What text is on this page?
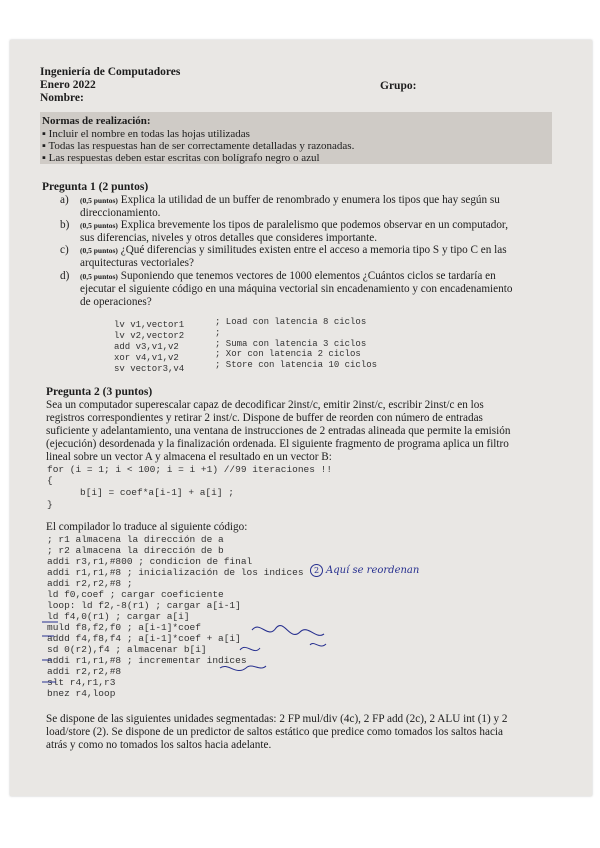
Ingeniería de Computadores
Enero 2022
Nombre:
Grupo:
Normas de realización:
▪ Incluir el nombre en todas las hojas utilizadas
▪ Todas las respuestas han de ser correctamente detalladas y razonadas.
▪ Las respuestas deben estar escritas con bolígrafo negro o azul
Pregunta 1 (2 puntos)
a) (0,5 puntos) Explica la utilidad de un buffer de renombrado y enumera los tipos que hay según su
direccionamiento.
b) (0,5 puntos) Explica brevemente los tipos de paralelismo que podemos observar en un computador,
sus diferencias, niveles y otros detalles que consideres importante.
c) (0,5 puntos) ¿Qué diferencias y similitudes existen entre el acceso a memoria tipo S y tipo C en las
arquitecturas vectoriales?
d) (0,5 puntos) Suponiendo que tenemos vectores de 1000 elementos ¿Cuántos ciclos se tardaría en
ejecutar el siguiente código en una máquina vectorial sin encadenamiento y con encadenamiento
de operaciones?
lv v1,vector1	; Load con latencia 8 ciclos
lv v2,vector2	;
add v3,v1,v2	; Suma con latencia 3 ciclos
xor v4,v1,v2	; Xor con latencia 2 ciclos
sv vector3,v4	; Store con latencia 10 ciclos
Pregunta 2 (3 puntos)
Sea un computador superescalar capaz de decodificar 2inst/c, emitir 2inst/c, escribir 2inst/c en los
registros correspondientes y retirar 2 inst/c. Dispone de buffer de reorden con número de entradas
suficiente y adelantamiento, una ventana de instrucciones de 2 entradas alineada que permite la emisión
(ejecución) desordenada y la finalización ordenada. El siguiente fragmento de programa aplica un filtro
lineal sobre un vector A y almacena el resultado en un vector B:
for (i = 1; i < 100; i = i +1) //99 iteraciones !!
{
b[i] = coef*a[i-1] + a[i] ;
}
El compilador lo traduce al siguiente código:
; r1 almacena la dirección de a
; r2 almacena la dirección de b
addi r3,r1,#800 ; condicion de final
addi r1,r1,#8 ; inicialización de los indices
addi r2,r2,#8 ;
ld f0,coef ; cargar coeficiente
loop: ld f2,-8(r1) ; cargar a[i-1]
ld f4,0(r1) ; cargar a[i]
muld f8,f2,f0 ; a[i-1]*coef
addd f4,f8,f4 ; a[i-1]*coef + a[i]
sd 0(r2),f4 ; almacenar b[i]
addi r1,r1,#8 ; incrementar indices
addi r2,r2,#8
slt r4,r1,r3
bnez r4,loop
2 Aquí se reordenan
Se dispone de las siguientes unidades segmentadas: 2 FP mul/div (4c), 2 FP add (2c), 2 ALU int (1) y 2
load/store (2). Se dispone de un predictor de saltos estático que predice como tomados los saltos hacia
atrás y como no tomados los saltos hacia adelante.
